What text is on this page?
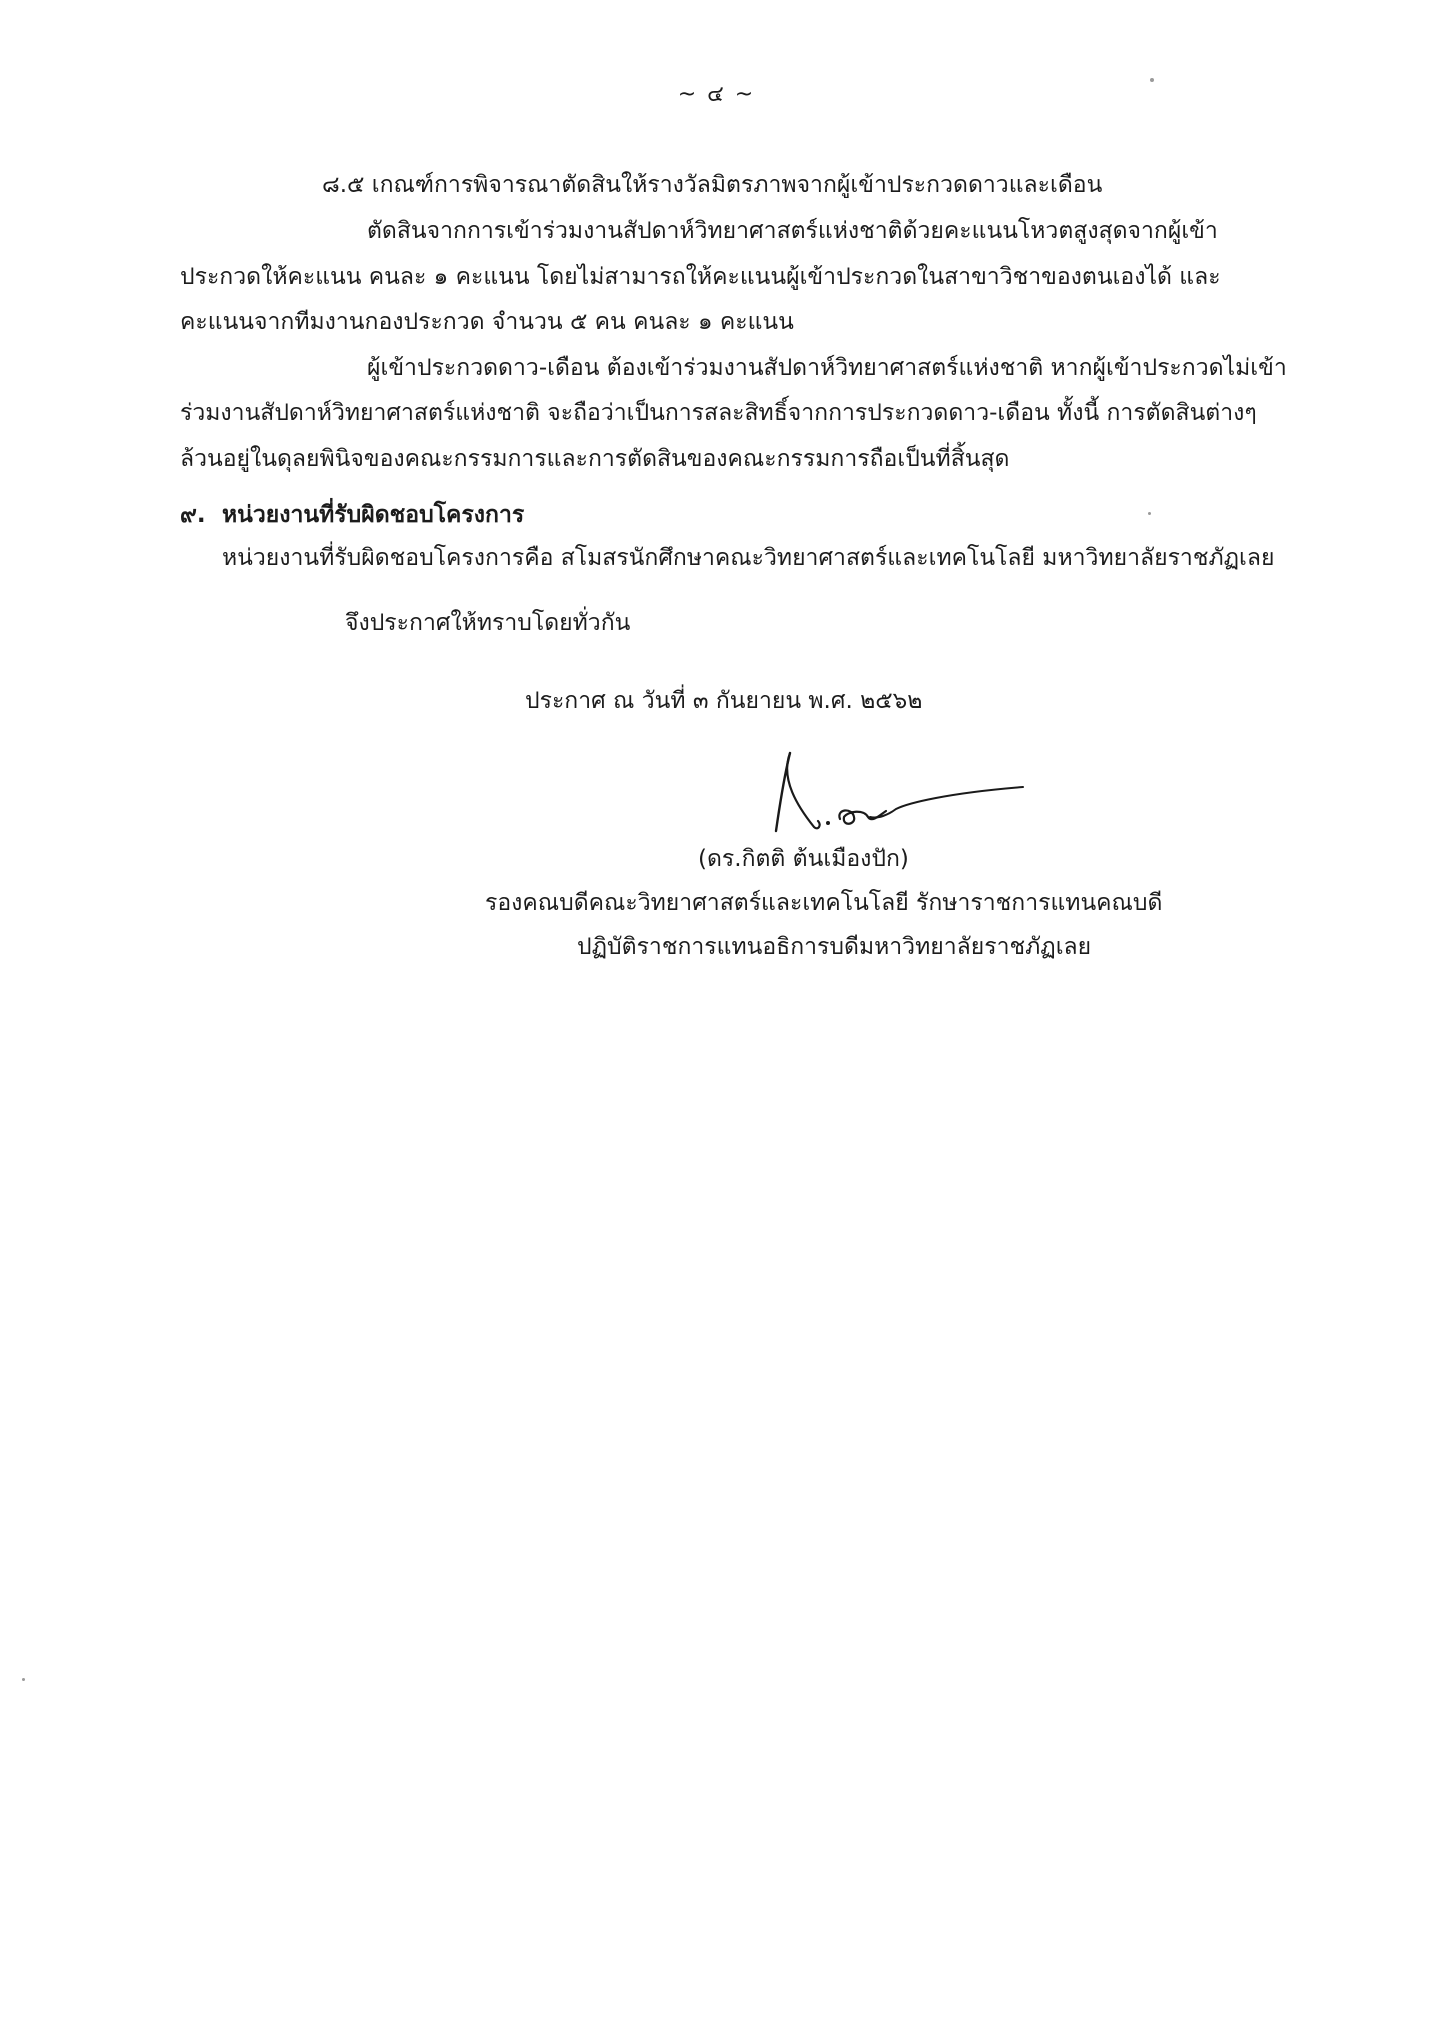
~ ๔ ~
๘.๕ เกณฑ์การพิจารณาตัดสินให้รางวัลมิตรภาพจากผู้เข้าประกวดดาวและเดือน
ตัดสินจากการเข้าร่วมงานสัปดาห์วิทยาศาสตร์แห่งชาติด้วยคะแนนโหวตสูงสุดจากผู้เข้า
ประกวดให้คะแนน คนละ ๑ คะแนน โดยไม่สามารถให้คะแนนผู้เข้าประกวดในสาขาวิชาของตนเองได้ และ
คะแนนจากทีมงานกองประกวด จำนวน ๕ คน คนละ ๑ คะแนน
ผู้เข้าประกวดดาว-เดือน ต้องเข้าร่วมงานสัปดาห์วิทยาศาสตร์แห่งชาติ หากผู้เข้าประกวดไม่เข้า
ร่วมงานสัปดาห์วิทยาศาสตร์แห่งชาติ จะถือว่าเป็นการสละสิทธิ์จากการประกวดดาว-เดือน ทั้งนี้ การตัดสินต่างๆ
ล้วนอยู่ในดุลยพินิจของคณะกรรมการและการตัดสินของคณะกรรมการถือเป็นที่สิ้นสุด
๙. หน่วยงานที่รับผิดชอบโครงการ
หน่วยงานที่รับผิดชอบโครงการคือ สโมสรนักศึกษาคณะวิทยาศาสตร์และเทคโนโลยี มหาวิทยาลัยราชภัฏเลย
จึงประกาศให้ทราบโดยทั่วกัน
ประกาศ ณ วันที่ ๓ กันยายน พ.ศ. ๒๕๖๒
(ดร.กิตติ ต้นเมืองปัก)
รองคณบดีคณะวิทยาศาสตร์และเทคโนโลยี รักษาราชการแทนคณบดี
ปฏิบัติราชการแทนอธิการบดีมหาวิทยาลัยราชภัฏเลย
